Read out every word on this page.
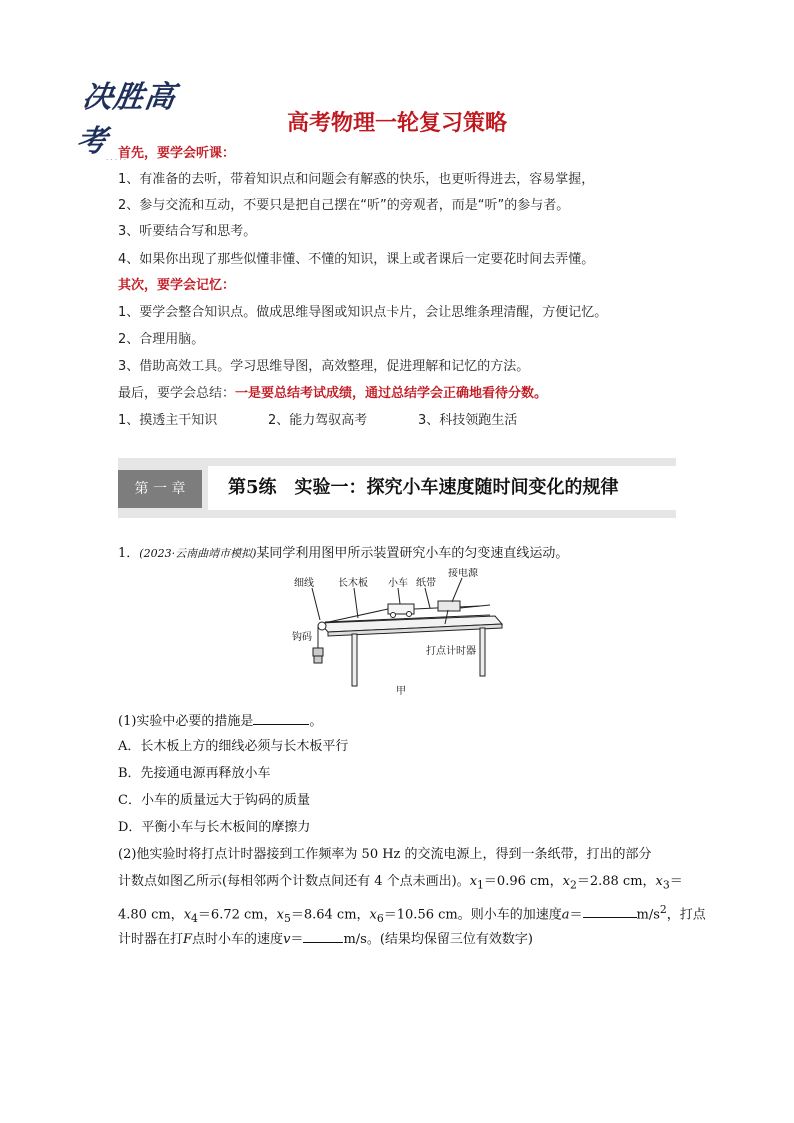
决胜高考
· · · · ·
高考物理一轮复习策略
首先，要学会听课：
1、有准备的去听，带着知识点和问题会有解惑的快乐，也更听得进去，容易掌握，
2、参与交流和互动，不要只是把自己摆在“听”的旁观者，而是“听”的参与者。
3、听要结合写和思考。
4、如果你出现了那些似懂非懂、不懂的知识，课上或者课后一定要花时间去弄懂。
其次，要学会记忆：
1、要学会整合知识点。做成思维导图或知识点卡片，会让思维条理清醒，方便记忆。
2、合理用脑。
3、借助高效工具。学习思维导图，高效整理，促进理解和记忆的方法。
最后，要学会总结：一是要总结考试成绩，通过总结学会正确地看待分数。
1、摸透主干知识	2、能力驾驭高考	3、科技领跑生活
第 一 章	第5练　实验一：探究小车速度随时间变化的规律
1．(2023·云南曲靖市模拟)某同学利用图甲所示装置研究小车的匀变速直线运动。
细线 长木板 小车 纸带
接电源
钩码
打点计时器
甲
(1)实验中必要的措施是	。
A．长木板上方的细线必须与长木板平行
B．先接通电源再释放小车
C．小车的质量远大于钩码的质量
D．平衡小车与长木板间的摩擦力
(2)他实验时将打点计时器接到工作频率为 50 Hz 的交流电源上，得到一条纸带，打出的部分
计数点如图乙所示(每相邻两个计数点间还有 4 个点未画出)。$x_1=0.96$ cm，$x_2=2.88$ cm，$x_3=$
4.80 cm，$x_4=6.72$ cm，$x_5=8.64$ cm，$x_6=10.56$ cm。则小车的加速度a＝	$m/s^2$，打点
计时器在打F点时小车的速度v＝	m/s。(结果均保留三位有效数字)
